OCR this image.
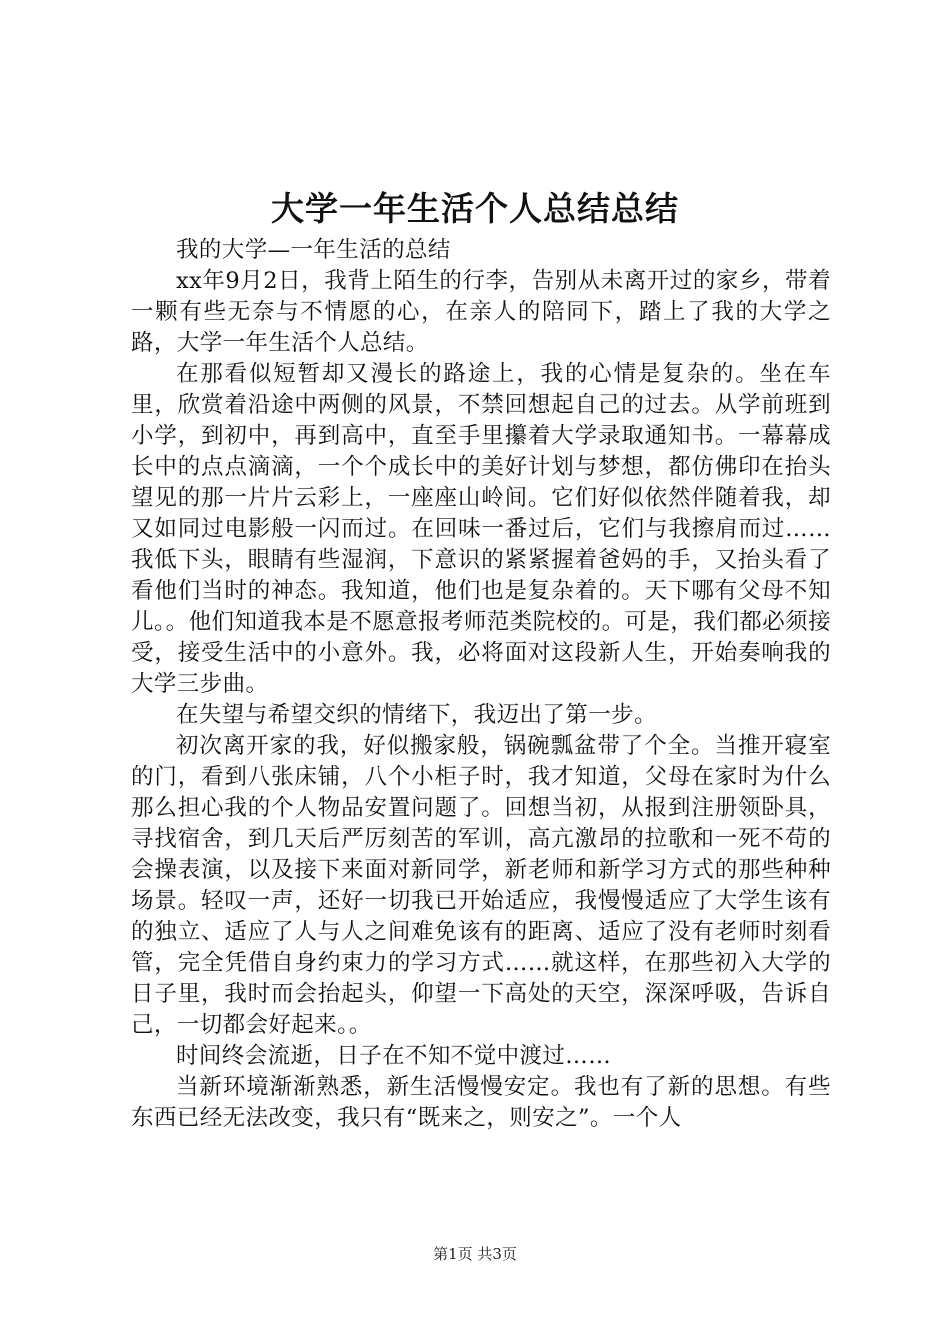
大学一年生活个人总结总结

我的大学—一年生活的总结

xx年9月2日，我背上陌生的行李，告别从未离开过的家乡，带着一颗有些无奈与不情愿的心，在亲人的陪同下，踏上了我的大学之路，大学一年生活个人总结。

在那看似短暂却又漫长的路途上，我的心情是复杂的。坐在车里，欣赏着沿途中两侧的风景，不禁回想起自己的过去。从学前班到小学，到初中，再到高中，直至手里攥着大学录取通知书。一幕幕成长中的点点滴滴，一个个成长中的美好计划与梦想，都仿佛印在抬头望见的那一片片云彩上，一座座山岭间。它们好似依然伴随着我，却又如同过电影般一闪而过。在回味一番过后，它们与我擦肩而过……我低下头，眼睛有些湿润，下意识的紧紧握着爸妈的手，又抬头看了看他们当时的神态。我知道，他们也是复杂着的。天下哪有父母不知儿。。他们知道我本是不愿意报考师范类院校的。可是，我们都必须接受，接受生活中的小意外。我，必将面对这段新人生，开始奏响我的大学三步曲。

在失望与希望交织的情绪下，我迈出了第一步。

初次离开家的我，好似搬家般，锅碗瓢盆带了个全。当推开寝室的门，看到八张床铺，八个小柜子时，我才知道，父母在家时为什么那么担心我的个人物品安置问题了。回想当初，从报到注册领卧具，寻找宿舍，到几天后严厉刻苦的军训，高亢激昂的拉歌和一死不苟的会操表演，以及接下来面对新同学，新老师和新学习方式的那些种种场景。轻叹一声，还好一切我已开始适应，我慢慢适应了大学生该有的独立、适应了人与人之间难免该有的距离、适应了没有老师时刻看管，完全凭借自身约束力的学习方式……就这样，在那些初入大学的日子里，我时而会抬起头，仰望一下高处的天空，深深呼吸，告诉自己，一切都会好起来。。

时间终会流逝，日子在不知不觉中渡过……

当新环境渐渐熟悉，新生活慢慢安定。我也有了新的思想。有些东西已经无法改变，我只有“既来之，则安之”。一个人

第1页 共3页
